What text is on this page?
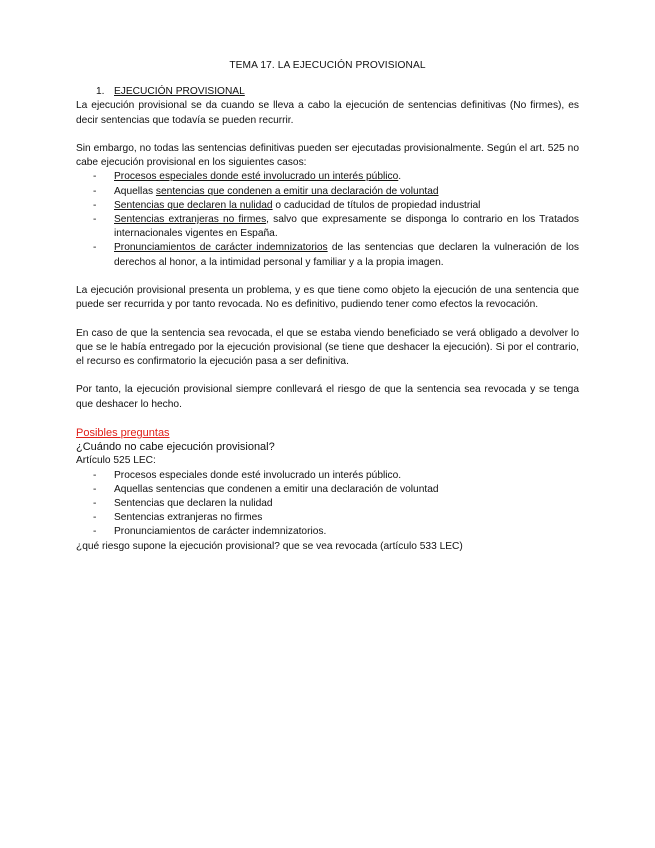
TEMA 17. LA EJECUCIÓN PROVISIONAL
1. EJECUCIÓN PROVISIONAL

La ejecución provisional se da cuando se lleva a cabo la ejecución de sentencias definitivas (No firmes), es decir sentencias que todavía se pueden recurrir.

Sin embargo, no todas las sentencias definitivas pueden ser ejecutadas provisionalmente. Según el art. 525 no cabe ejecución provisional en los siguientes casos:

- Procesos especiales donde esté involucrado un interés público.
- Aquellas sentencias que condenen a emitir una declaración de voluntad
- Sentencias que declaren la nulidad o caducidad de títulos de propiedad industrial
- Sentencias extranjeras no firmes, salvo que expresamente se disponga lo contrario en los Tratados internacionales vigentes en España.
- Pronunciamientos de carácter indemnizatorios de las sentencias que declaren la vulneración de los derechos al honor, a la intimidad personal y familiar y a la propia imagen.

La ejecución provisional presenta un problema, y es que tiene como objeto la ejecución de una sentencia que puede ser recurrida y por tanto revocada. No es definitivo, pudiendo tener como efectos la revocación.

En caso de que la sentencia sea revocada, el que se estaba viendo beneficiado se verá obligado a devolver lo que se le había entregado por la ejecución provisional (se tiene que deshacer la ejecución). Si por el contrario, el recurso es confirmatorio la ejecución pasa a ser definitiva.

Por tanto, la ejecución provisional siempre conllevará el riesgo de que la sentencia sea revocada y se tenga que deshacer lo hecho.

Posibles preguntas
¿Cuándo no cabe ejecución provisional?
Artículo 525 LEC:
- Procesos especiales donde esté involucrado un interés público.
- Aquellas sentencias que condenen a emitir una declaración de voluntad
- Sentencias que declaren la nulidad
- Sentencias extranjeras no firmes
- Pronunciamientos de carácter indemnizatorios.
¿qué riesgo supone la ejecución provisional? que se vea revocada (artículo 533 LEC)
